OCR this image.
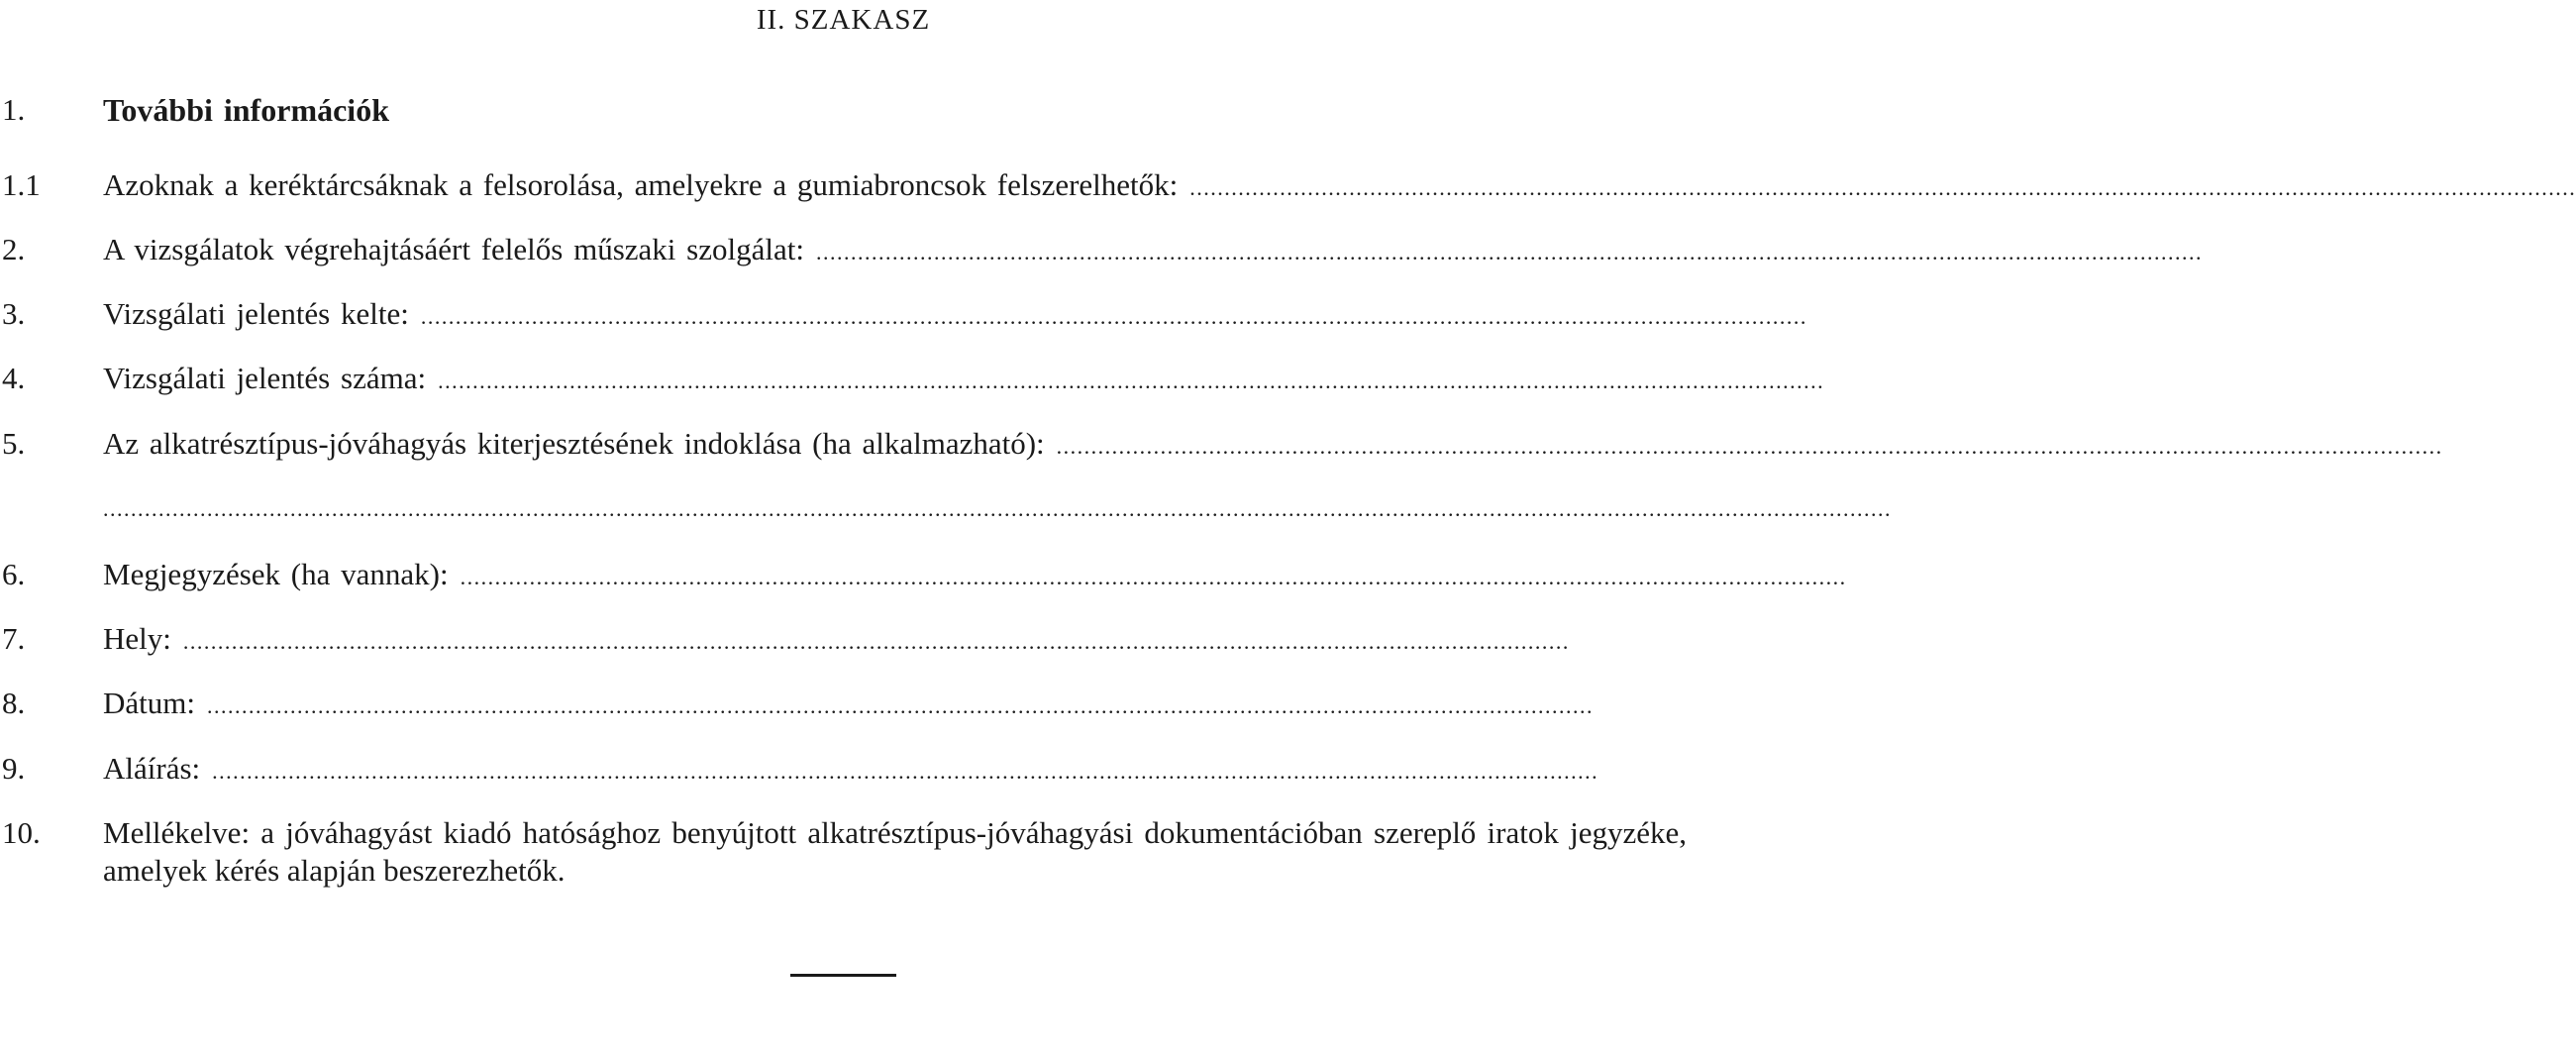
II. SZAKASZ
1.	További információk
1.1	Azoknak a keréktárcsáknak a felsorolása, amelyekre a gumiabroncsok felszerelhetők: ........................................................................................................................................................................................................
2.	A vizsgálatok végrehajtásáért felelős műszaki szolgálat: ........................................................................................................................................................................................................
3.	Vizsgálati jelentés kelte: ........................................................................................................................................................................................................
4.	Vizsgálati jelentés száma: ........................................................................................................................................................................................................
5.	Az alkatrésztípus-jóváhagyás kiterjesztésének indoklása (ha alkalmazható): ........................................................................................................................................................................................................
..................................................................................................................................................................................................................................................................
6.	Megjegyzések (ha vannak): ........................................................................................................................................................................................................
7.	Hely: ........................................................................................................................................................................................................
8.	Dátum: ........................................................................................................................................................................................................
9.	Aláírás: ........................................................................................................................................................................................................
10.	Mellékelve: a jóváhagyást kiadó hatósághoz benyújtott alkatrésztípus-jóváhagyási dokumentációban szereplő iratok jegyzéke, amelyek kérés alapján beszerezhetők.
